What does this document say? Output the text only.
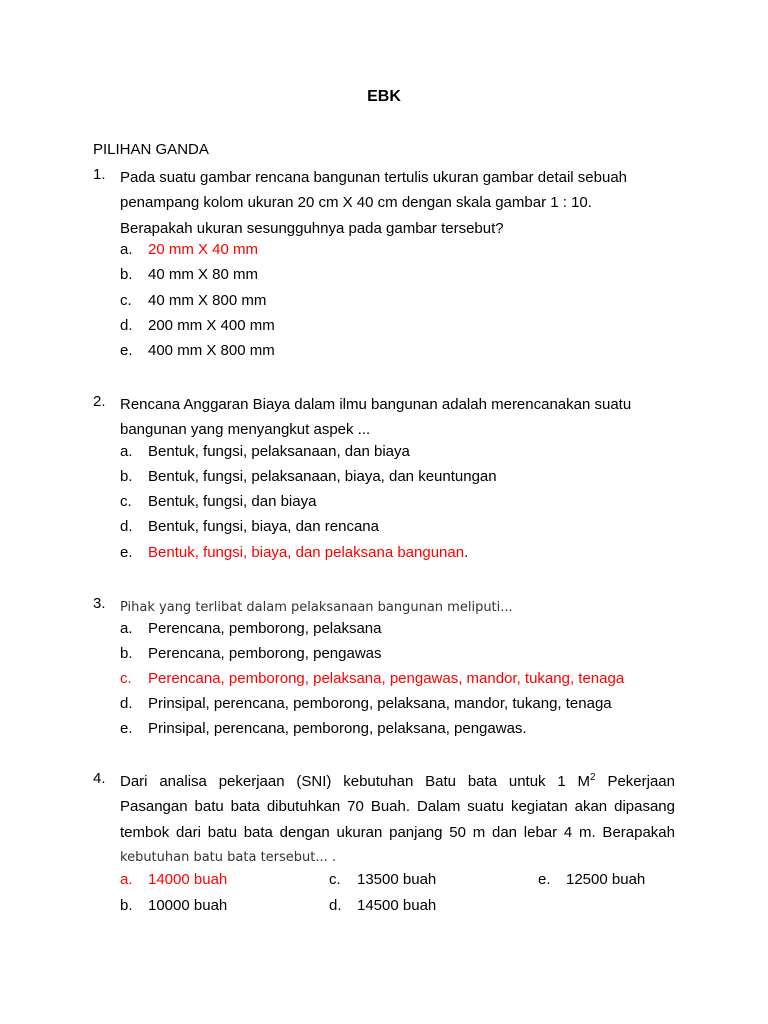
EBK
PILIHAN GANDA
1. Pada suatu gambar rencana bangunan tertulis ukuran gambar detail sebuah
penampang kolom ukuran 20 cm X 40 cm dengan skala gambar 1 : 10.
Berapakah ukuran sesungguhnya pada gambar tersebut?
a. 20 mm X 40 mm
b. 40 mm X 80 mm
c. 40 mm X 800 mm
d. 200 mm X 400 mm
e. 400 mm X 800 mm
2. Rencana Anggaran Biaya dalam ilmu bangunan adalah merencanakan suatu
bangunan yang menyangkut aspek ...
a. Bentuk, fungsi, pelaksanaan, dan biaya
b. Bentuk, fungsi, pelaksanaan, biaya, dan keuntungan
c. Bentuk, fungsi, dan biaya
d. Bentuk, fungsi, biaya, dan rencana
e. Bentuk, fungsi, biaya, dan pelaksana bangunan.
3. Pihak yang terlibat dalam pelaksanaan bangunan meliputi...
a. Perencana, pemborong, pelaksana
b. Perencana, pemborong, pengawas
c. Perencana, pemborong, pelaksana, pengawas, mandor, tukang, tenaga
d. Prinsipal, perencana, pemborong, pelaksana, mandor, tukang, tenaga
e. Prinsipal, perencana, pemborong, pelaksana, pengawas.
4. Dari analisa pekerjaan (SNI) kebutuhan Batu bata untuk 1 $M^2$ Pekerjaan
Pasangan batu bata dibutuhkan 70 Buah. Dalam suatu kegiatan akan dipasang
tembok dari batu bata dengan ukuran panjang 50 m dan lebar 4 m. Berapakah
kebutuhan batu bata tersebut... .
a. 14000 buah
b. 10000 buah
c. 13500 buah
d. 14500 buah
e. 12500 buah
